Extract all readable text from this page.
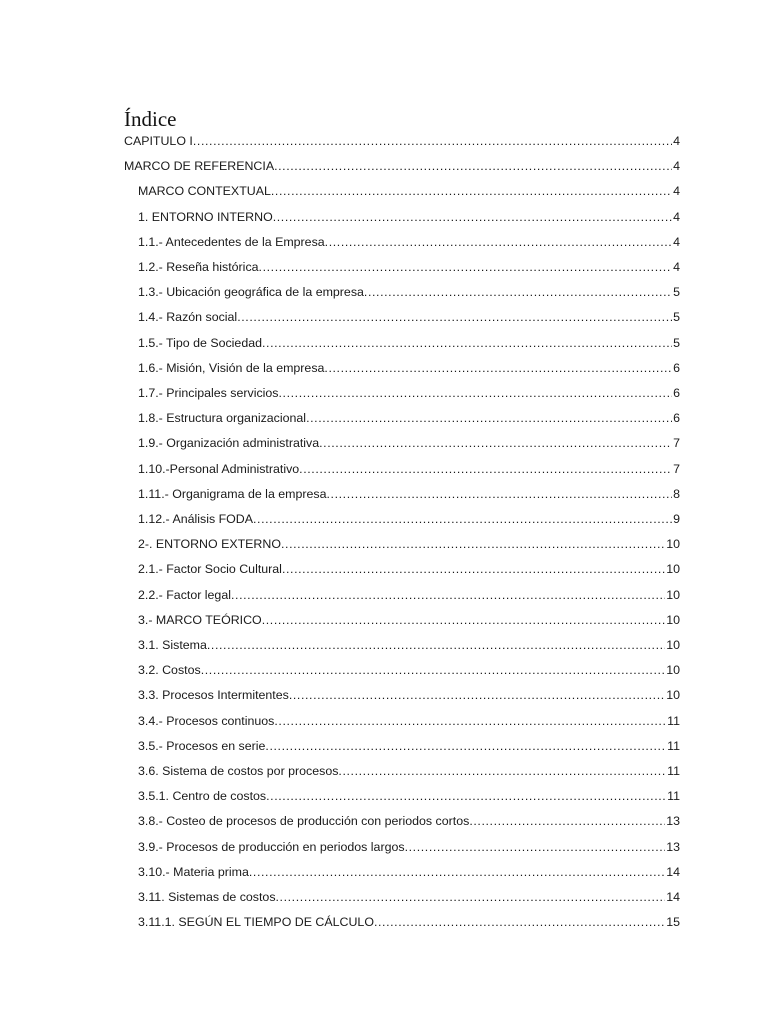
Índice
CAPITULO I .....	4
MARCO DE REFERENCIA .....	4
MARCO CONTEXTUAL .....	4
1. ENTORNO INTERNO .....	4
1.1.- Antecedentes de la Empresa .....	4
1.2.- Reseña histórica .....	4
1.3.- Ubicación geográfica de la empresa .....	5
1.4.- Razón social .....	5
1.5.- Tipo de Sociedad .....	5
1.6.- Misión, Visión de la empresa .....	6
1.7.- Principales servicios .....	6
1.8.- Estructura organizacional .....	6
1.9.- Organización administrativa .....	7
1.10.-Personal Administrativo .....	7
1.11.- Organigrama de la empresa .....	8
1.12.- Análisis FODA .....	9
2-. ENTORNO EXTERNO .....	10
2.1.- Factor Socio Cultural .....	10
2.2.- Factor legal .....	10
3.- MARCO TEÓRICO .....	10
3.1. Sistema .....	10
3.2. Costos .....	10
3.3. Procesos Intermitentes .....	10
3.4.- Procesos continuos .....	11
3.5.- Procesos en serie .....	11
3.6. Sistema de costos por procesos .....	11
3.5.1. Centro de costos .....	11
3.8.- Costeo de procesos de producción con periodos cortos .....	13
3.9.- Procesos de producción en periodos largos .....	13
3.10.- Materia prima .....	14
3.11. Sistemas de costos .....	14
3.11.1. SEGÚN EL TIEMPO DE CÁLCULO .....	15
